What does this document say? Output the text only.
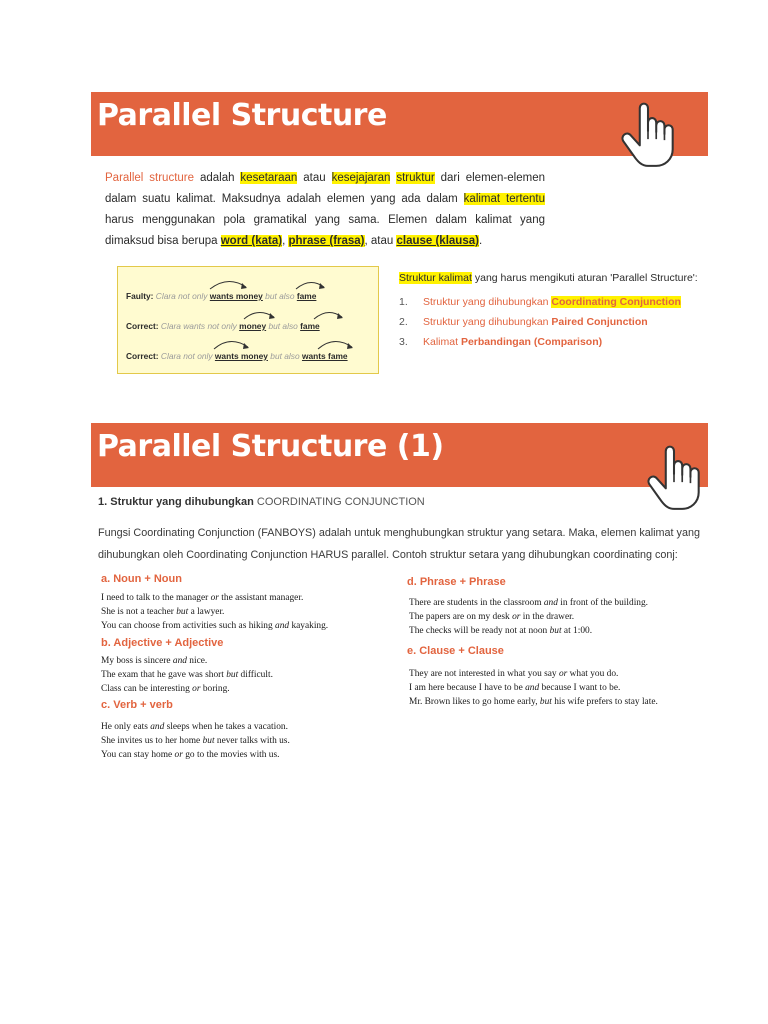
Parallel Structure
Parallel structure adalah kesetaraan atau kesejajaran struktur dari elemen-elemen dalam suatu kalimat. Maksudnya adalah elemen yang ada dalam kalimat tertentu harus menggunakan pola gramatikal yang sama. Elemen dalam kalimat yang dimaksud bisa berupa word (kata), phrase (frasa), atau clause (klausa).
Faulty: Clara not only wants money but also fame
Correct: Clara wants not only money but also fame
Correct: Clara not only wants money but also wants fame
Struktur kalimat yang harus mengikuti aturan 'Parallel Structure':
1. Struktur yang dihubungkan Coordinating Conjunction
2. Struktur yang dihubungkan Paired Conjunction
3. Kalimat Perbandingan (Comparison)
Parallel Structure (1)
1. Struktur yang dihubungkan COORDINATING CONJUNCTION
Fungsi Coordinating Conjunction (FANBOYS) adalah untuk menghubungkan struktur yang setara. Maka, elemen kalimat yang dihubungkan oleh Coordinating Conjunction HARUS parallel. Contoh struktur setara yang dihubungkan coordinating conj:
a. Noun + Noun
I need to talk to the manager or the assistant manager.
She is not a teacher but a lawyer.
You can choose from activities such as hiking and kayaking.
b. Adjective + Adjective
My boss is sincere and nice.
The exam that he gave was short but difficult.
Class can be interesting or boring.
c. Verb + verb
He only eats and sleeps when he takes a vacation.
She invites us to her home but never talks with us.
You can stay home or go to the movies with us.
d. Phrase + Phrase
There are students in the classroom and in front of the building.
The papers are on my desk or in the drawer.
The checks will be ready not at noon but at 1:00.
e. Clause + Clause
They are not interested in what you say or what you do.
I am here because I have to be and because I want to be.
Mr. Brown likes to go home early, but his wife prefers to stay late.
